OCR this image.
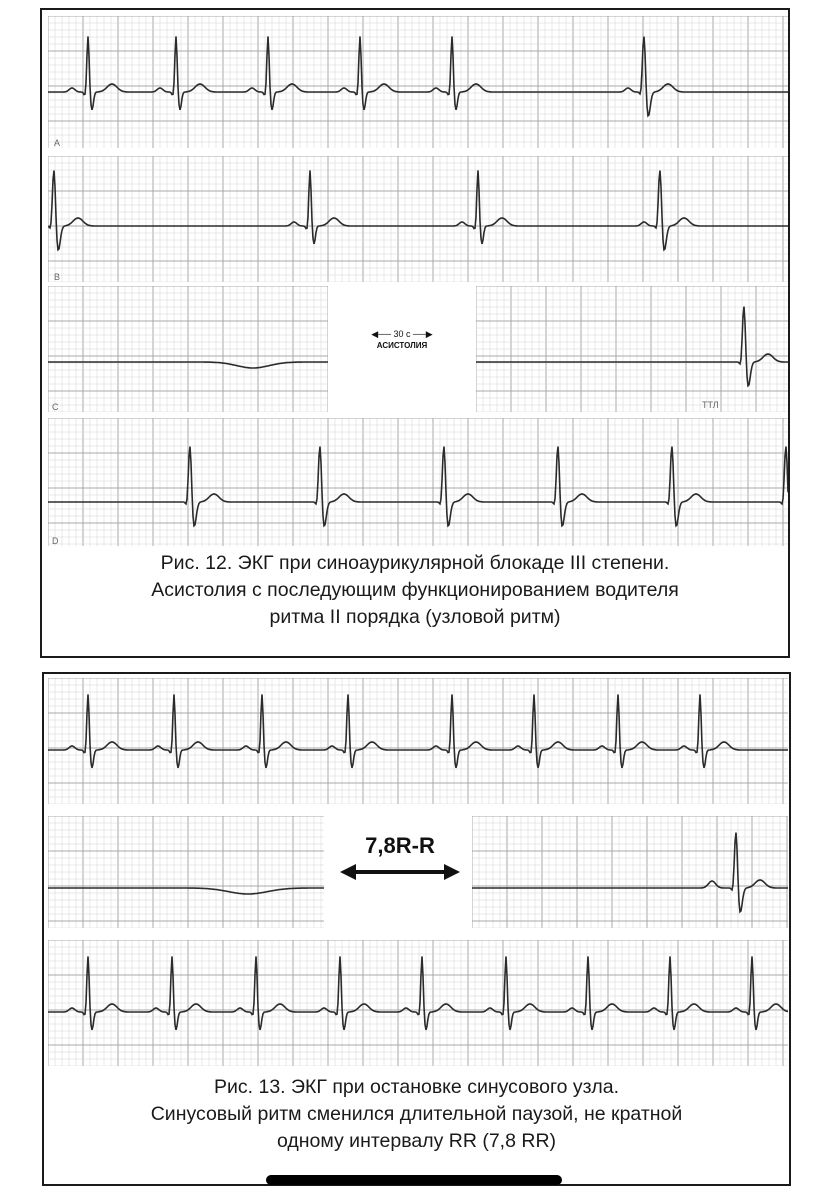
A
B
C
◀── 30 с ──▶
АСИСТОЛИЯ
ТТЛ
D
Рис. 12. ЭКГ при синоаурикулярной блокаде III степени.
Асистолия с последующим функционированием водителя
ритма II порядка (узловой ритм)
7,8R-R
Рис. 13. ЭКГ при остановке синусового узла.
Синусовый ритм сменился длительной паузой, не кратной
одному интервалу RR (7,8 RR)
